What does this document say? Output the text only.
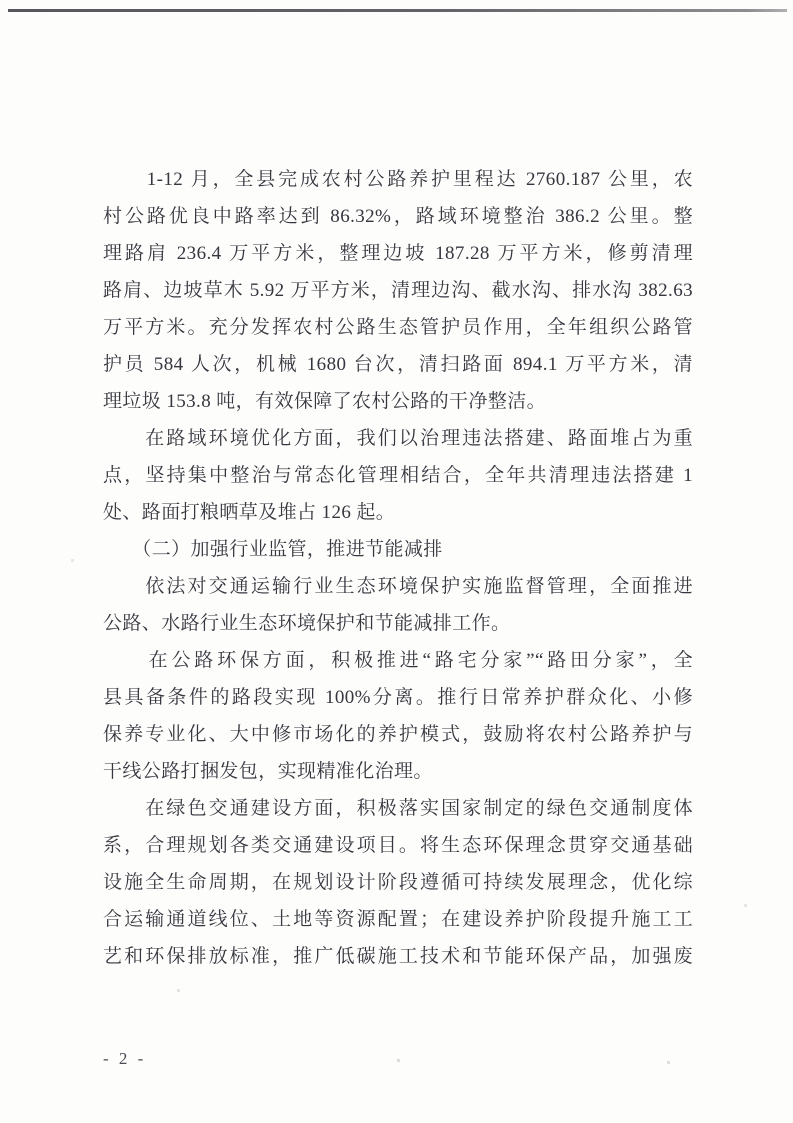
　　1-12 月，全县完成农村公路养护里程达 2760.187 公里，农
村公路优良中路率达到 86.32%，路域环境整治 386.2 公里。整
理路肩 236.4 万平方米，整理边坡 187.28 万平方米，修剪清理
路肩、边坡草木 5.92 万平方米，清理边沟、截水沟、排水沟 382.63
万平方米。充分发挥农村公路生态管护员作用，全年组织公路管
护员 584 人次，机械 1680 台次，清扫路面 894.1 万平方米，清
理垃圾 153.8 吨，有效保障了农村公路的干净整洁。
　　在路域环境优化方面，我们以治理违法搭建、路面堆占为重
点，坚持集中整治与常态化管理相结合，全年共清理违法搭建 1
处、路面打粮晒草及堆占 126 起。
　　（二）加强行业监管，推进节能减排
　　依法对交通运输行业生态环境保护实施监督管理，全面推进
公路、水路行业生态环境保护和节能减排工作。
　　在公路环保方面，积极推进“路宅分家”“路田分家”，全
县具备条件的路段实现 100%分离。推行日常养护群众化、小修
保养专业化、大中修市场化的养护模式，鼓励将农村公路养护与
干线公路打捆发包，实现精准化治理。
　　在绿色交通建设方面，积极落实国家制定的绿色交通制度体
系，合理规划各类交通建设项目。将生态环保理念贯穿交通基础
设施全生命周期，在规划设计阶段遵循可持续发展理念，优化综
合运输通道线位、土地等资源配置；在建设养护阶段提升施工工
艺和环保排放标准，推广低碳施工技术和节能环保产品，加强废
- 2 -
